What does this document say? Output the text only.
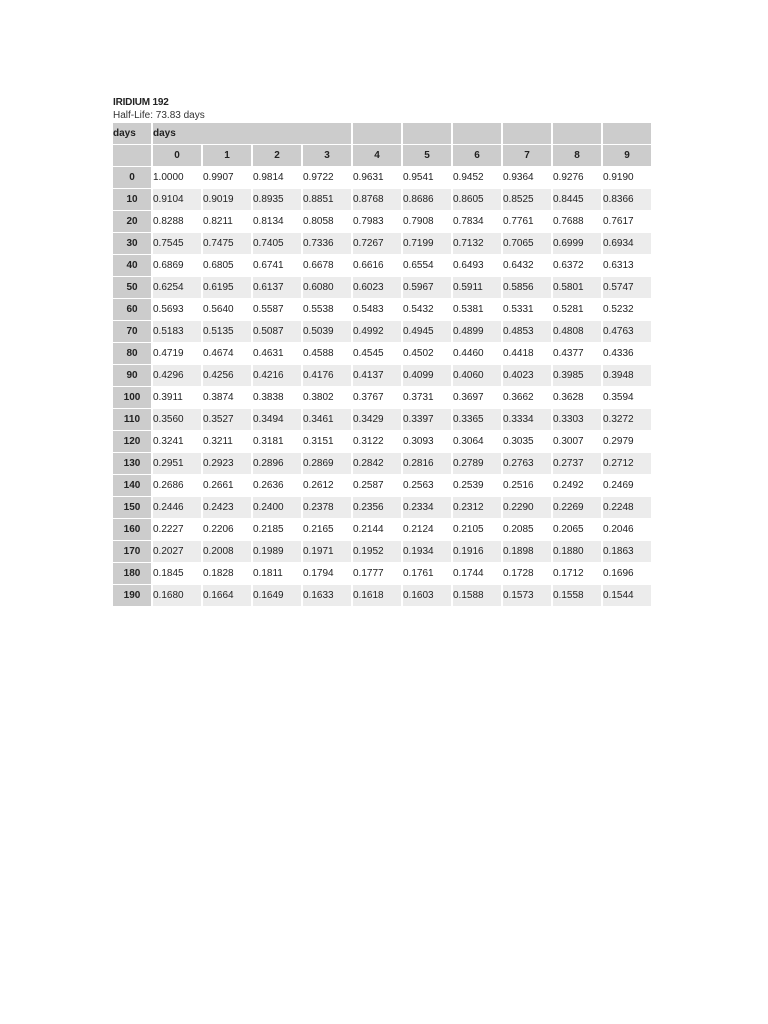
IRIDIUM 192
Half-Life: 73.83 days
days	days									
	0	1	2	3	4	5	6	7	8	9
0	1.0000	0.9907	0.9814	0.9722	0.9631	0.9541	0.9452	0.9364	0.9276	0.9190
10	0.9104	0.9019	0.8935	0.8851	0.8768	0.8686	0.8605	0.8525	0.8445	0.8366
20	0.8288	0.8211	0.8134	0.8058	0.7983	0.7908	0.7834	0.7761	0.7688	0.7617
30	0.7545	0.7475	0.7405	0.7336	0.7267	0.7199	0.7132	0.7065	0.6999	0.6934
40	0.6869	0.6805	0.6741	0.6678	0.6616	0.6554	0.6493	0.6432	0.6372	0.6313
50	0.6254	0.6195	0.6137	0.6080	0.6023	0.5967	0.5911	0.5856	0.5801	0.5747
60	0.5693	0.5640	0.5587	0.5538	0.5483	0.5432	0.5381	0.5331	0.5281	0.5232
70	0.5183	0.5135	0.5087	0.5039	0.4992	0.4945	0.4899	0.4853	0.4808	0.4763
80	0.4719	0.4674	0.4631	0.4588	0.4545	0.4502	0.4460	0.4418	0.4377	0.4336
90	0.4296	0.4256	0.4216	0.4176	0.4137	0.4099	0.4060	0.4023	0.3985	0.3948
100	0.3911	0.3874	0.3838	0.3802	0.3767	0.3731	0.3697	0.3662	0.3628	0.3594
110	0.3560	0.3527	0.3494	0.3461	0.3429	0.3397	0.3365	0.3334	0.3303	0.3272
120	0.3241	0.3211	0.3181	0.3151	0.3122	0.3093	0.3064	0.3035	0.3007	0.2979
130	0.2951	0.2923	0.2896	0.2869	0.2842	0.2816	0.2789	0.2763	0.2737	0.2712
140	0.2686	0.2661	0.2636	0.2612	0.2587	0.2563	0.2539	0.2516	0.2492	0.2469
150	0.2446	0.2423	0.2400	0.2378	0.2356	0.2334	0.2312	0.2290	0.2269	0.2248
160	0.2227	0.2206	0.2185	0.2165	0.2144	0.2124	0.2105	0.2085	0.2065	0.2046
170	0.2027	0.2008	0.1989	0.1971	0.1952	0.1934	0.1916	0.1898	0.1880	0.1863
180	0.1845	0.1828	0.1811	0.1794	0.1777	0.1761	0.1744	0.1728	0.1712	0.1696
190	0.1680	0.1664	0.1649	0.1633	0.1618	0.1603	0.1588	0.1573	0.1558	0.1544
